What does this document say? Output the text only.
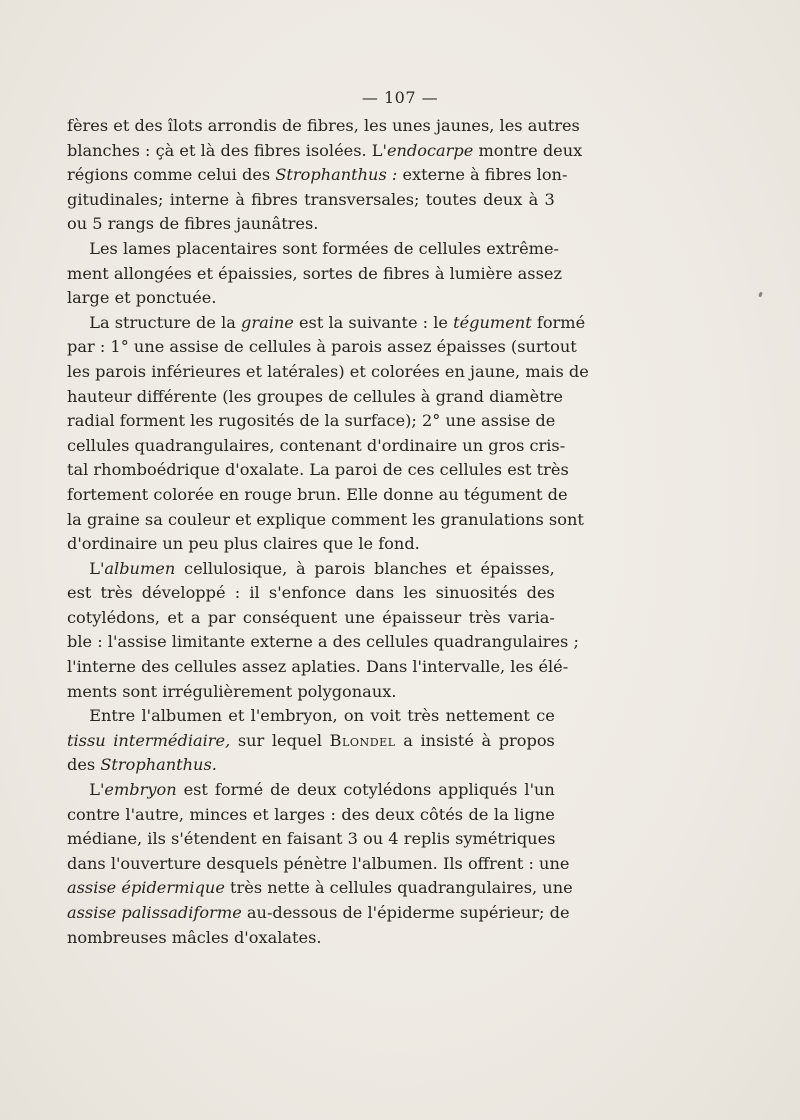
— 107 —
fères et des îlots arrondis de fibres, les unes jaunes, les autres
blanches : çà et là des fibres isolées. L'endocarpe montre deux
régions comme celui des Strophanthus : externe à fibres lon-
gitudinales; interne à fibres transversales; toutes deux à 3
ou 5 rangs de fibres jaunâtres.
Les lames placentaires sont formées de cellules extrême-
ment allongées et épaissies, sortes de fibres à lumière assez
large et ponctuée.
La structure de la graine est la suivante : le tégument formé
par : 1° une assise de cellules à parois assez épaisses (surtout
les parois inférieures et latérales) et colorées en jaune, mais de
hauteur différente (les groupes de cellules à grand diamètre
radial forment les rugosités de la surface); 2° une assise de
cellules quadrangulaires, contenant d'ordinaire un gros cris-
tal rhomboédrique d'oxalate. La paroi de ces cellules est très
fortement colorée en rouge brun. Elle donne au tégument de
la graine sa couleur et explique comment les granulations sont
d'ordinaire un peu plus claires que le fond.
L'albumen cellulosique, à parois blanches et épaisses,
est très développé : il s'enfonce dans les sinuosités des
cotylédons, et a par conséquent une épaisseur très varia-
ble : l'assise limitante externe a des cellules quadrangulaires ;
l'interne des cellules assez aplaties. Dans l'intervalle, les élé-
ments sont irrégulièrement polygonaux.
Entre l'albumen et l'embryon, on voit très nettement ce
tissu intermédiaire, sur lequel Blondel a insisté à propos
des Strophanthus.
L'embryon est formé de deux cotylédons appliqués l'un
contre l'autre, minces et larges : des deux côtés de la ligne
médiane, ils s'étendent en faisant 3 ou 4 replis symétriques
dans l'ouverture desquels pénètre l'albumen. Ils offrent : une
assise épidermique très nette à cellules quadrangulaires, une
assise palissadiforme au-dessous de l'épiderme supérieur; de
nombreuses mâcles d'oxalates.
